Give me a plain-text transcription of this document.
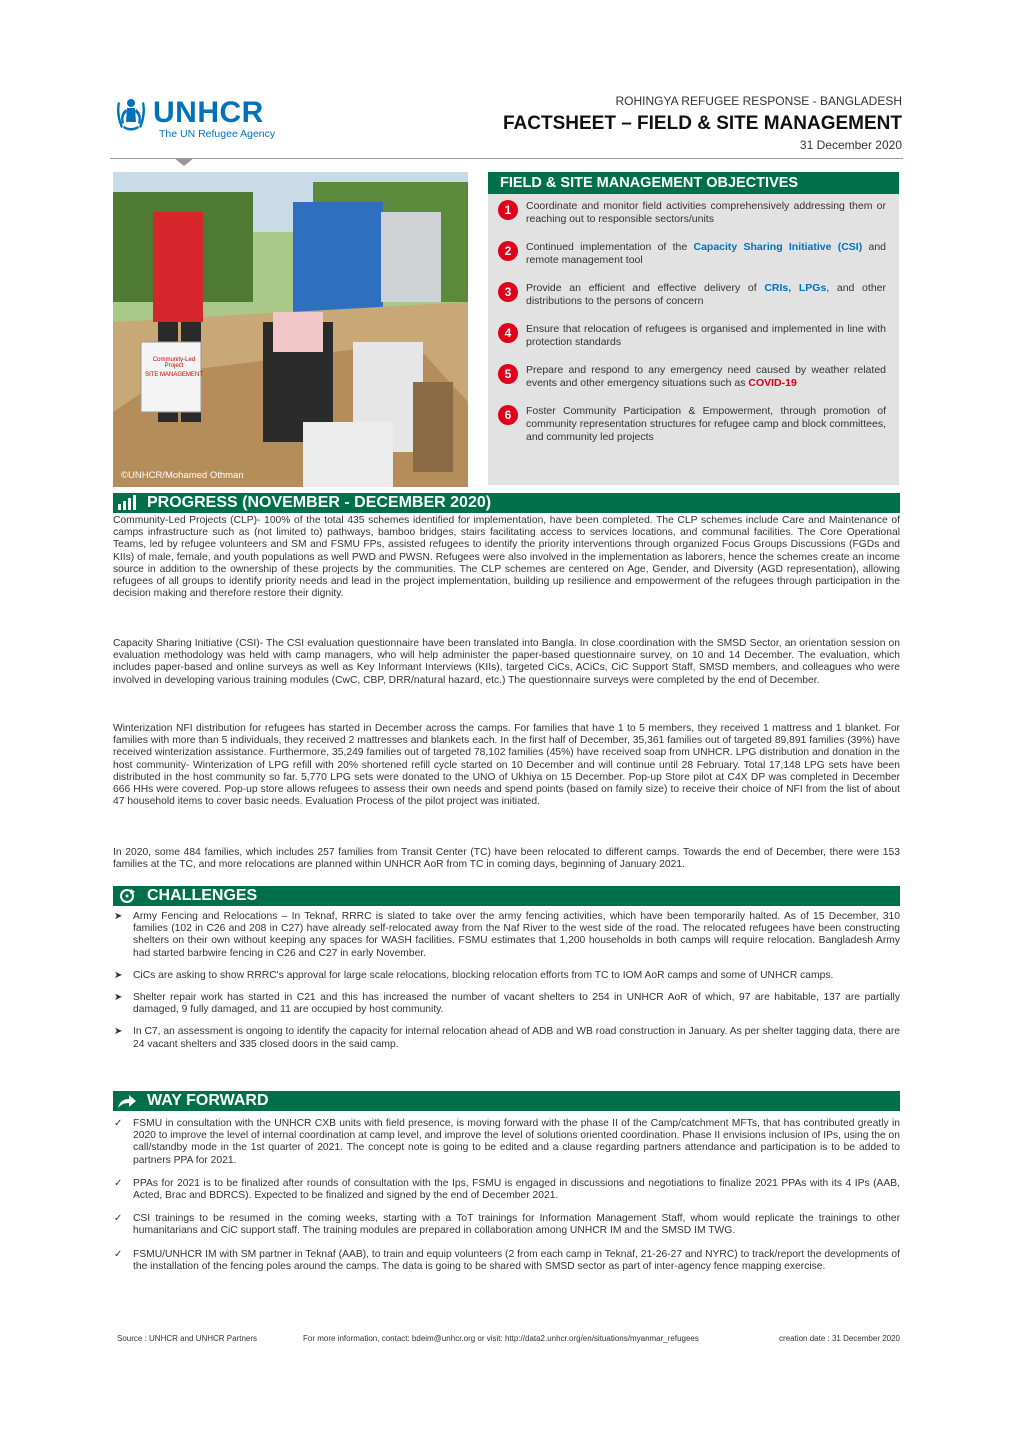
UNHCR
The UN Refugee Agency
ROHINGYA REFUGEE RESPONSE - BANGLADESH
FACTSHEET – FIELD & SITE MANAGEMENT
31 December 2020
Community-Led Project
SITE MANAGEMENT
©UNHCR/Mohamed Othman
FIELD & SITE MANAGEMENT OBJECTIVES
1	Coordinate and monitor field activities comprehensively addressing them or reaching out to responsible sectors/units
2	Continued implementation of the Capacity Sharing Initiative (CSI) and remote management tool
3	Provide an efficient and effective delivery of CRIs, LPGs, and other distributions to the persons of concern
4	Ensure that relocation of refugees is organised and implemented in line with protection standards
5	Prepare and respond to any emergency need caused by weather related events and other emergency situations such as COVID-19
6	Foster Community Participation & Empowerment, through promotion of community representation structures for refugee camp and block committees, and community led projects
PROGRESS (NOVEMBER - DECEMBER 2020)
Community-Led Projects (CLP)- 100% of the total 435 schemes identified for implementation, have been completed. The CLP schemes include Care and Maintenance of camps infrastructure such as (not limited to) pathways, bamboo bridges, stairs facilitating access to services locations, and communal facilities. The Core Operational Teams, led by refugee volunteers and SM and FSMU FPs, assisted refugees to identify the priority interventions through organized Focus Groups Discussions (FGDs and KIIs) of male, female, and youth populations as well PWD and PWSN. Refugees were also involved in the implementation as laborers, hence the schemes create an income source in addition to the ownership of these projects by the communities. The CLP schemes are centered on Age, Gender, and Diversity (AGD representation), allowing refugees of all groups to identify priority needs and lead in the project implementation, building up resilience and empowerment of the refugees through participation in the decision making and therefore restore their dignity.
Capacity Sharing Initiative (CSI)- The CSI evaluation questionnaire have been translated into Bangla. In close coordination with the SMSD Sector, an orientation session on evaluation methodology was held with camp managers, who will help administer the paper-based questionnaire survey, on 10 and 14 December. The evaluation, which includes paper-based and online surveys as well as Key Informant Interviews (KIIs), targeted CiCs, ACiCs, CiC Support Staff, SMSD members, and colleagues who were involved in developing various training modules (CwC, CBP, DRR/natural hazard, etc.) The questionnaire surveys were completed by the end of December.
Winterization NFI distribution for refugees has started in December across the camps. For families that have 1 to 5 members, they received 1 mattress and 1 blanket. For families with more than 5 individuals, they received 2 mattresses and blankets each. In the first half of December, 35,361 families out of targeted 89,891 families (39%) have received winterization assistance. Furthermore, 35,249 families out of targeted 78,102 families (45%) have received soap from UNHCR. LPG distribution and donation in the host community- Winterization of LPG refill with 20% shortened refill cycle started on 10 December and will continue until 28 February. Total 17,148 LPG sets have been distributed in the host community so far. 5,770 LPG sets were donated to the UNO of Ukhiya on 15 December. Pop-up Store pilot at C4X DP was completed in December 666 HHs were covered. Pop-up store allows refugees to assess their own needs and spend points (based on family size) to receive their choice of NFI from the list of about 47 household items to cover basic needs. Evaluation Process of the pilot project was initiated.
In 2020, some 484 families, which includes 257 families from Transit Center (TC) have been relocated to different camps. Towards the end of December, there were 153 families at the TC, and more relocations are planned within UNHCR AoR from TC in coming days, beginning of January 2021.
CHALLENGES
➤ Army Fencing and Relocations – In Teknaf, RRRC is slated to take over the army fencing activities, which have been temporarily halted. As of 15 December, 310 families (102 in C26 and 208 in C27) have already self-relocated away from the Naf River to the west side of the road. The relocated refugees have been constructing shelters on their own without keeping any spaces for WASH facilities. FSMU estimates that 1,200 households in both camps will require relocation. Bangladesh Army had started barbwire fencing in C26 and C27 in early November.
➤ CiCs are asking to show RRRC's approval for large scale relocations, blocking relocation efforts from TC to IOM AoR camps and some of UNHCR camps.
➤ Shelter repair work has started in C21 and this has increased the number of vacant shelters to 254 in UNHCR AoR of which, 97 are habitable, 137 are partially damaged, 9 fully damaged, and 11 are occupied by host community.
➤ In C7, an assessment is ongoing to identify the capacity for internal relocation ahead of ADB and WB road construction in January. As per shelter tagging data, there are 24 vacant shelters and 335 closed doors in the said camp.
WAY FORWARD
✓ FSMU in consultation with the UNHCR CXB units with field presence, is moving forward with the phase II of the Camp/catchment MFTs, that has contributed greatly in 2020 to improve the level of internal coordination at camp level, and improve the level of solutions oriented coordination. Phase II envisions inclusion of IPs, using the on call/standby mode in the 1st quarter of 2021. The concept note is going to be edited and a clause regarding partners attendance and participation is to be added to partners PPA for 2021.
✓ PPAs for 2021 is to be finalized after rounds of consultation with the Ips, FSMU is engaged in discussions and negotiations to finalize 2021 PPAs with its 4 IPs (AAB, Acted, Brac and BDRCS). Expected to be finalized and signed by the end of December 2021.
✓ CSI trainings to be resumed in the coming weeks, starting with a ToT trainings for Information Management Staff, whom would replicate the trainings to other humanitarians and CiC support staff. The training modules are prepared in collaboration among UNHCR IM and the SMSD IM TWG.
✓ FSMU/UNHCR IM with SM partner in Teknaf (AAB), to train and equip volunteers (2 from each camp in Teknaf, 21-26-27 and NYRC) to track/report the developments of the installation of the fencing poles around the camps. The data is going to be shared with SMSD sector as part of inter-agency fence mapping exercise.
Source : UNHCR and UNHCR Partners	For more information, contact: bdeim@unhcr.org or visit: http://data2.unhcr.org/en/situations/myanmar_refugees	creation date : 31 December 2020
